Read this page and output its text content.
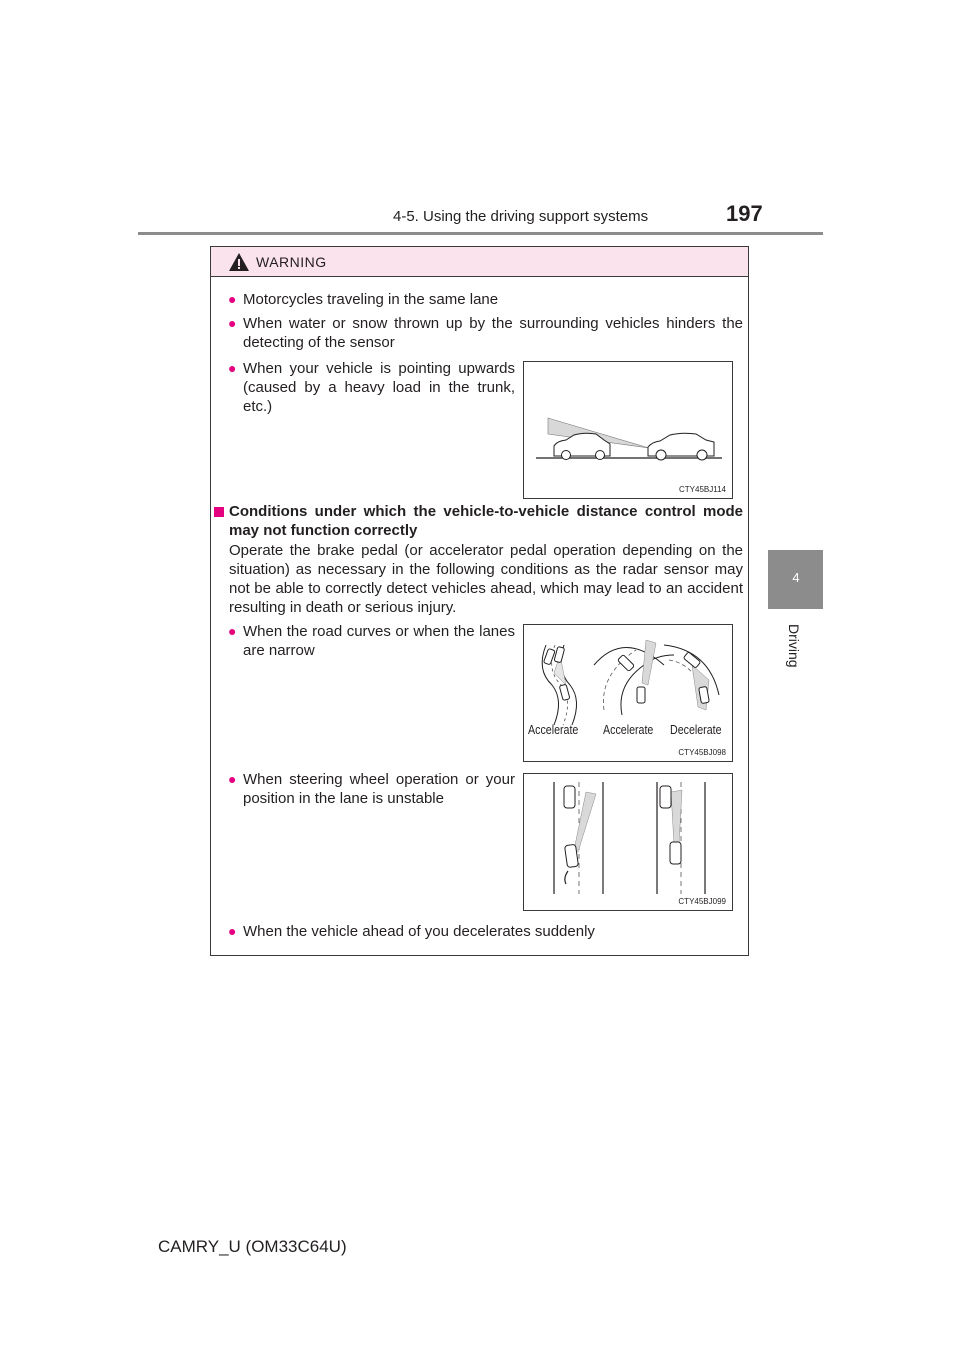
4-5. Using the driving support systems	197
4
Driving
WARNING
● Motorcycles traveling in the same lane
● When water or snow thrown up by the surrounding vehicles hinders the detecting of the sensor
● When your vehicle is pointing upwards (caused by a heavy load in the trunk, etc.)
CTY45BJ114
Conditions under which the vehicle-to-vehicle distance control mode may not function correctly
Operate the brake pedal (or accelerator pedal operation depending on the situation) as necessary in the following conditions as the radar sensor may not be able to correctly detect vehicles ahead, which may lead to an accident resulting in death or serious injury.
● When the road curves or when the lanes are narrow
Accelerate Accelerate Decelerate
CTY45BJ098
● When steering wheel operation or your position in the lane is unstable
CTY45BJ099
● When the vehicle ahead of you decelerates suddenly
CAMRY_U (OM33C64U)
